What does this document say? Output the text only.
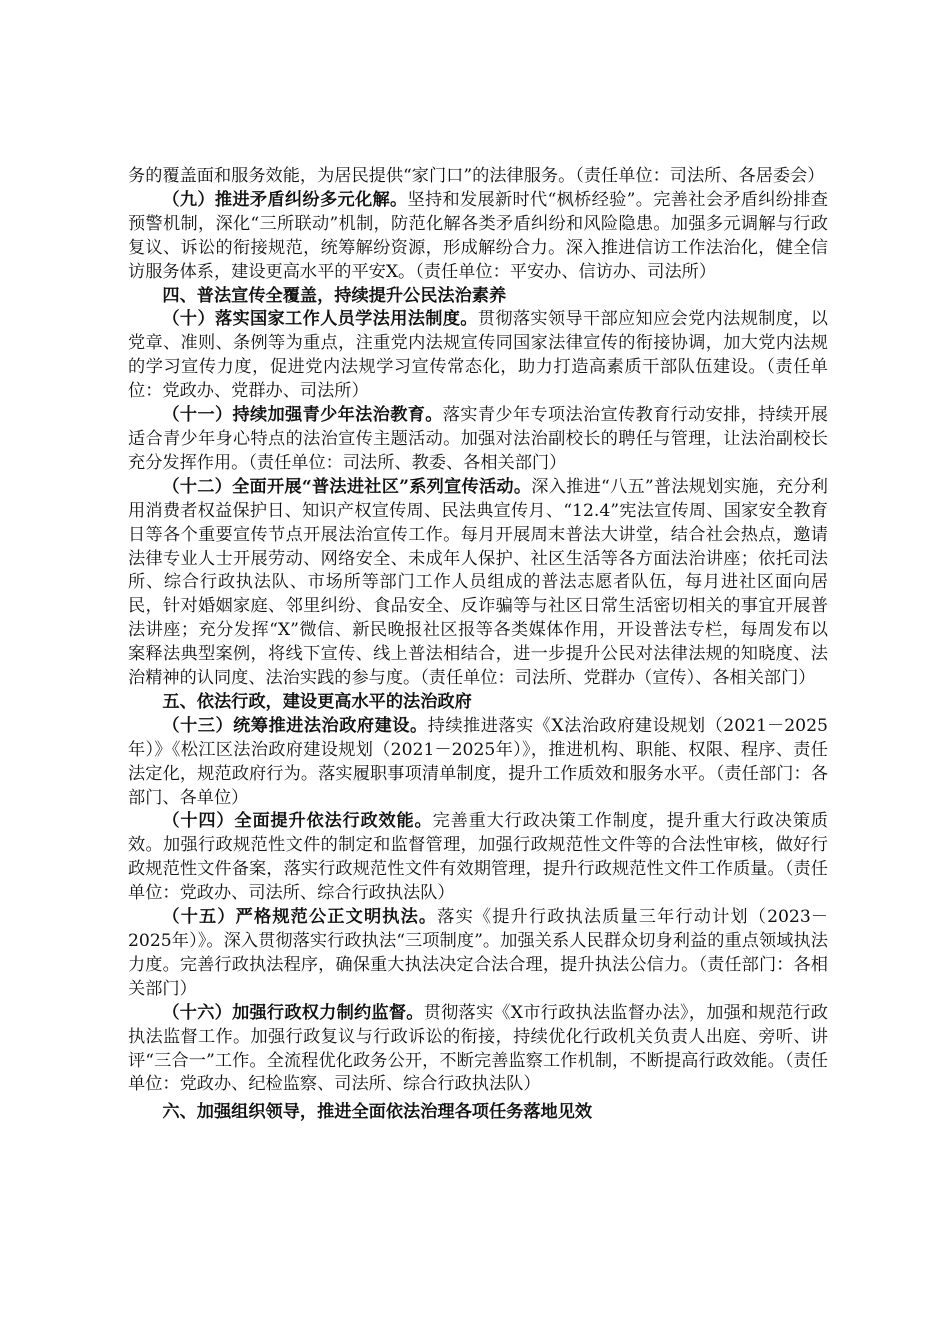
务的覆盖面和服务效能，为居民提供“家门口”的法律服务。（责任单位：司法所、各居委会）

（九）推进矛盾纠纷多元化解。坚持和发展新时代“枫桥经验”。完善社会矛盾纠纷排查预警机制，深化“三所联动”机制，防范化解各类矛盾纠纷和风险隐患。加强多元调解与行政复议、诉讼的衔接规范，统筹解纷资源，形成解纷合力。深入推进信访工作法治化，健全信访服务体系，建设更高水平的平安X。（责任单位：平安办、信访办、司法所）

四、普法宣传全覆盖，持续提升公民法治素养

（十）落实国家工作人员学法用法制度。贯彻落实领导干部应知应会党内法规制度，以党章、准则、条例等为重点，注重党内法规宣传同国家法律宣传的衔接协调，加大党内法规的学习宣传力度，促进党内法规学习宣传常态化，助力打造高素质干部队伍建设。（责任单位：党政办、党群办、司法所）

（十一）持续加强青少年法治教育。落实青少年专项法治宣传教育行动安排，持续开展适合青少年身心特点的法治宣传主题活动。加强对法治副校长的聘任与管理，让法治副校长充分发挥作用。（责任单位：司法所、教委、各相关部门）

（十二）全面开展“普法进社区”系列宣传活动。深入推进“八五”普法规划实施，充分利用消费者权益保护日、知识产权宣传周、民法典宣传月、“12.4”宪法宣传周、国家安全教育日等各个重要宣传节点开展法治宣传工作。每月开展周末普法大讲堂，结合社会热点，邀请法律专业人士开展劳动、网络安全、未成年人保护、社区生活等各方面法治讲座；依托司法所、综合行政执法队、市场所等部门工作人员组成的普法志愿者队伍，每月进社区面向居民，针对婚姻家庭、邻里纠纷、食品安全、反诈骗等与社区日常生活密切相关的事宜开展普法讲座；充分发挥“X”微信、新民晚报社区报等各类媒体作用，开设普法专栏，每周发布以案释法典型案例，将线下宣传、线上普法相结合，进一步提升公民对法律法规的知晓度、法治精神的认同度、法治实践的参与度。（责任单位：司法所、党群办（宣传）、各相关部门）

五、依法行政，建设更高水平的法治政府

（十三）统筹推进法治政府建设。持续推进落实《X法治政府建设规划（2021－2025年）》《松江区法治政府建设规划（2021－2025年）》，推进机构、职能、权限、程序、责任法定化，规范政府行为。落实履职事项清单制度，提升工作质效和服务水平。（责任部门：各部门、各单位）

（十四）全面提升依法行政效能。完善重大行政决策工作制度，提升重大行政决策质效。加强行政规范性文件的制定和监督管理，加强行政规范性文件等的合法性审核，做好行政规范性文件备案，落实行政规范性文件有效期管理，提升行政规范性文件工作质量。（责任单位：党政办、司法所、综合行政执法队）

（十五）严格规范公正文明执法。落实《提升行政执法质量三年行动计划（2023－2025年）》。深入贯彻落实行政执法“三项制度”。加强关系人民群众切身利益的重点领域执法力度。完善行政执法程序，确保重大执法决定合法合理，提升执法公信力。（责任部门：各相关部门）

（十六）加强行政权力制约监督。贯彻落实《X市行政执法监督办法》，加强和规范行政执法监督工作。加强行政复议与行政诉讼的衔接，持续优化行政机关负责人出庭、旁听、讲评“三合一”工作。全流程优化政务公开，不断完善监察工作机制，不断提高行政效能。（责任单位：党政办、纪检监察、司法所、综合行政执法队）

六、加强组织领导，推进全面依法治理各项任务落地见效
